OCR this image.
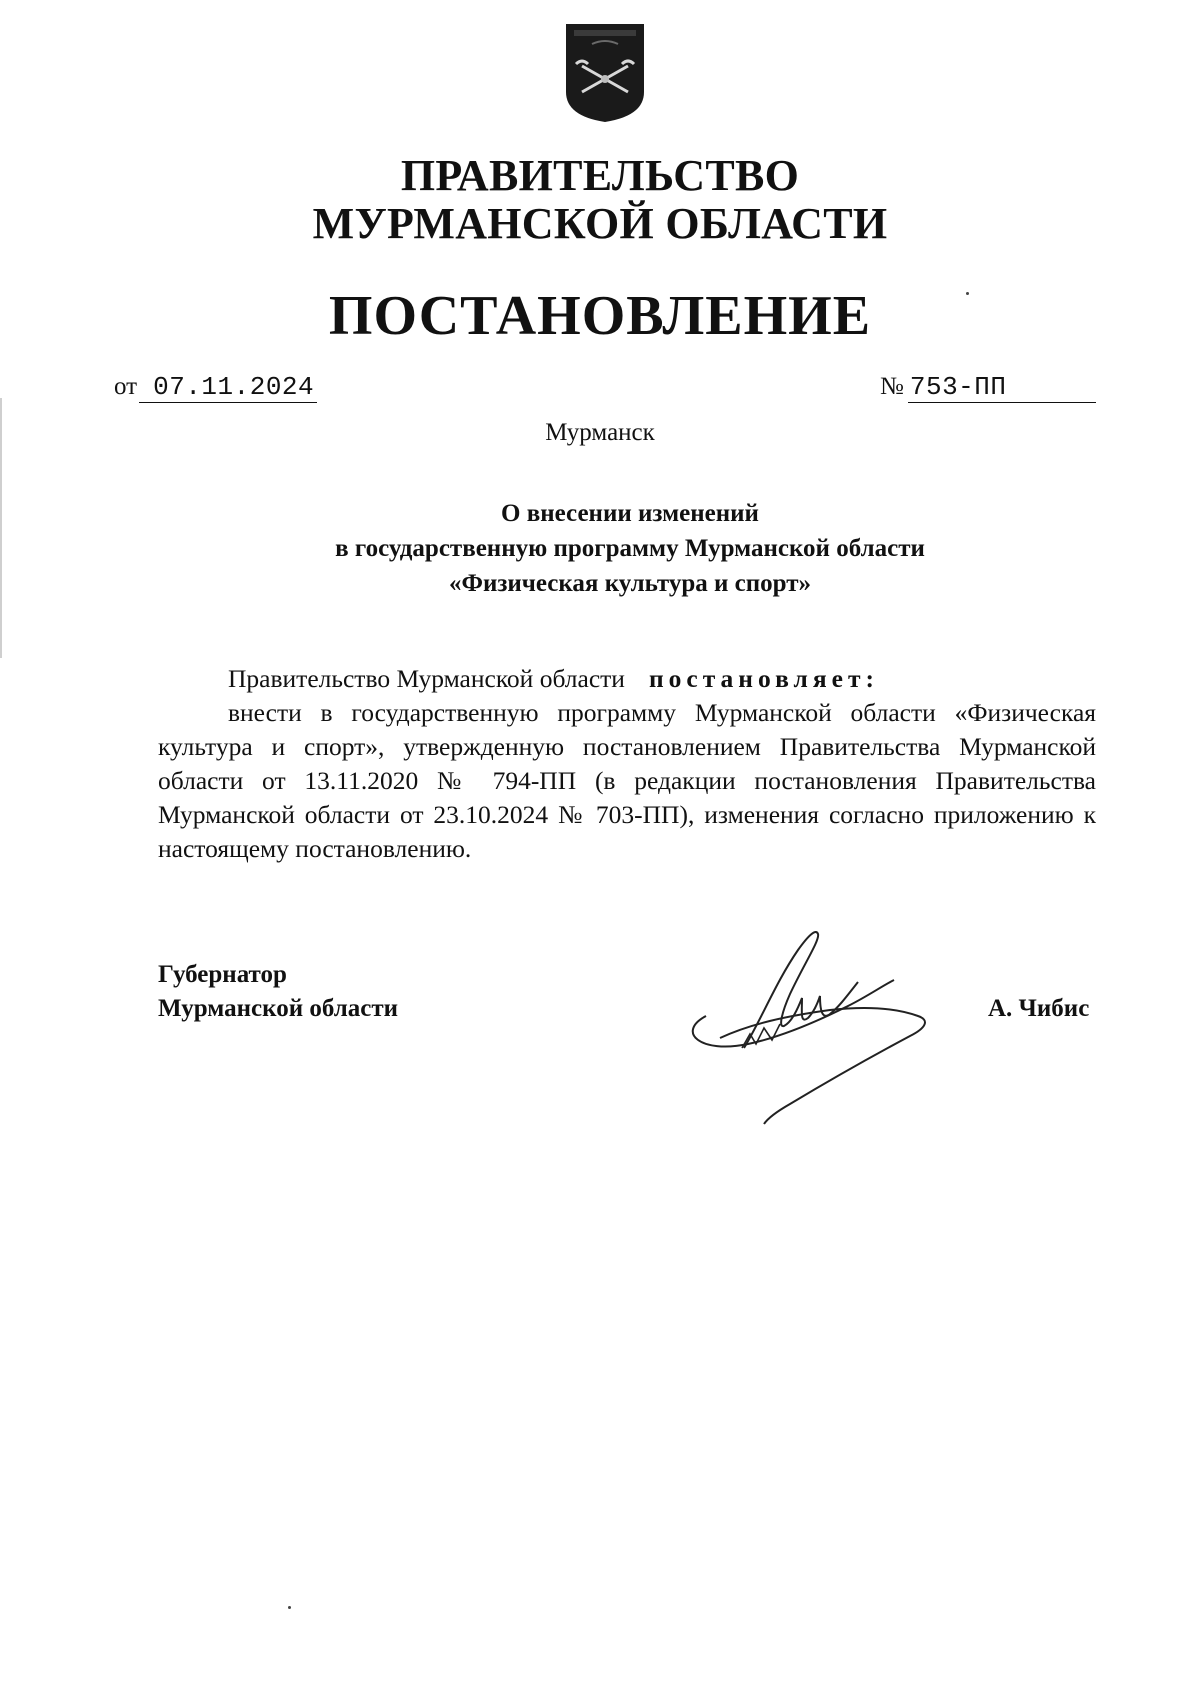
ПРАВИТЕЛЬСТВО
МУРМАНСКОЙ ОБЛАСТИ
ПОСТАНОВЛЕНИЕ
от 07.11.2024	№ 753-ПП
Мурманск
О внесении изменений
в государственную программу Мурманской области
«Физическая культура и спорт»
Правительство Мурманской области постановляет:
внести в государственную программу Мурманской области «Физическая культура и спорт», утвержденную постановлением Правительства Мурманской области от 13.11.2020 № 794-ПП (в редакции постановления Правительства Мурманской области от 23.10.2024 № 703-ПП), изменения согласно приложению к настоящему постановлению.
Губернатор
Мурманской области	А. Чибис
